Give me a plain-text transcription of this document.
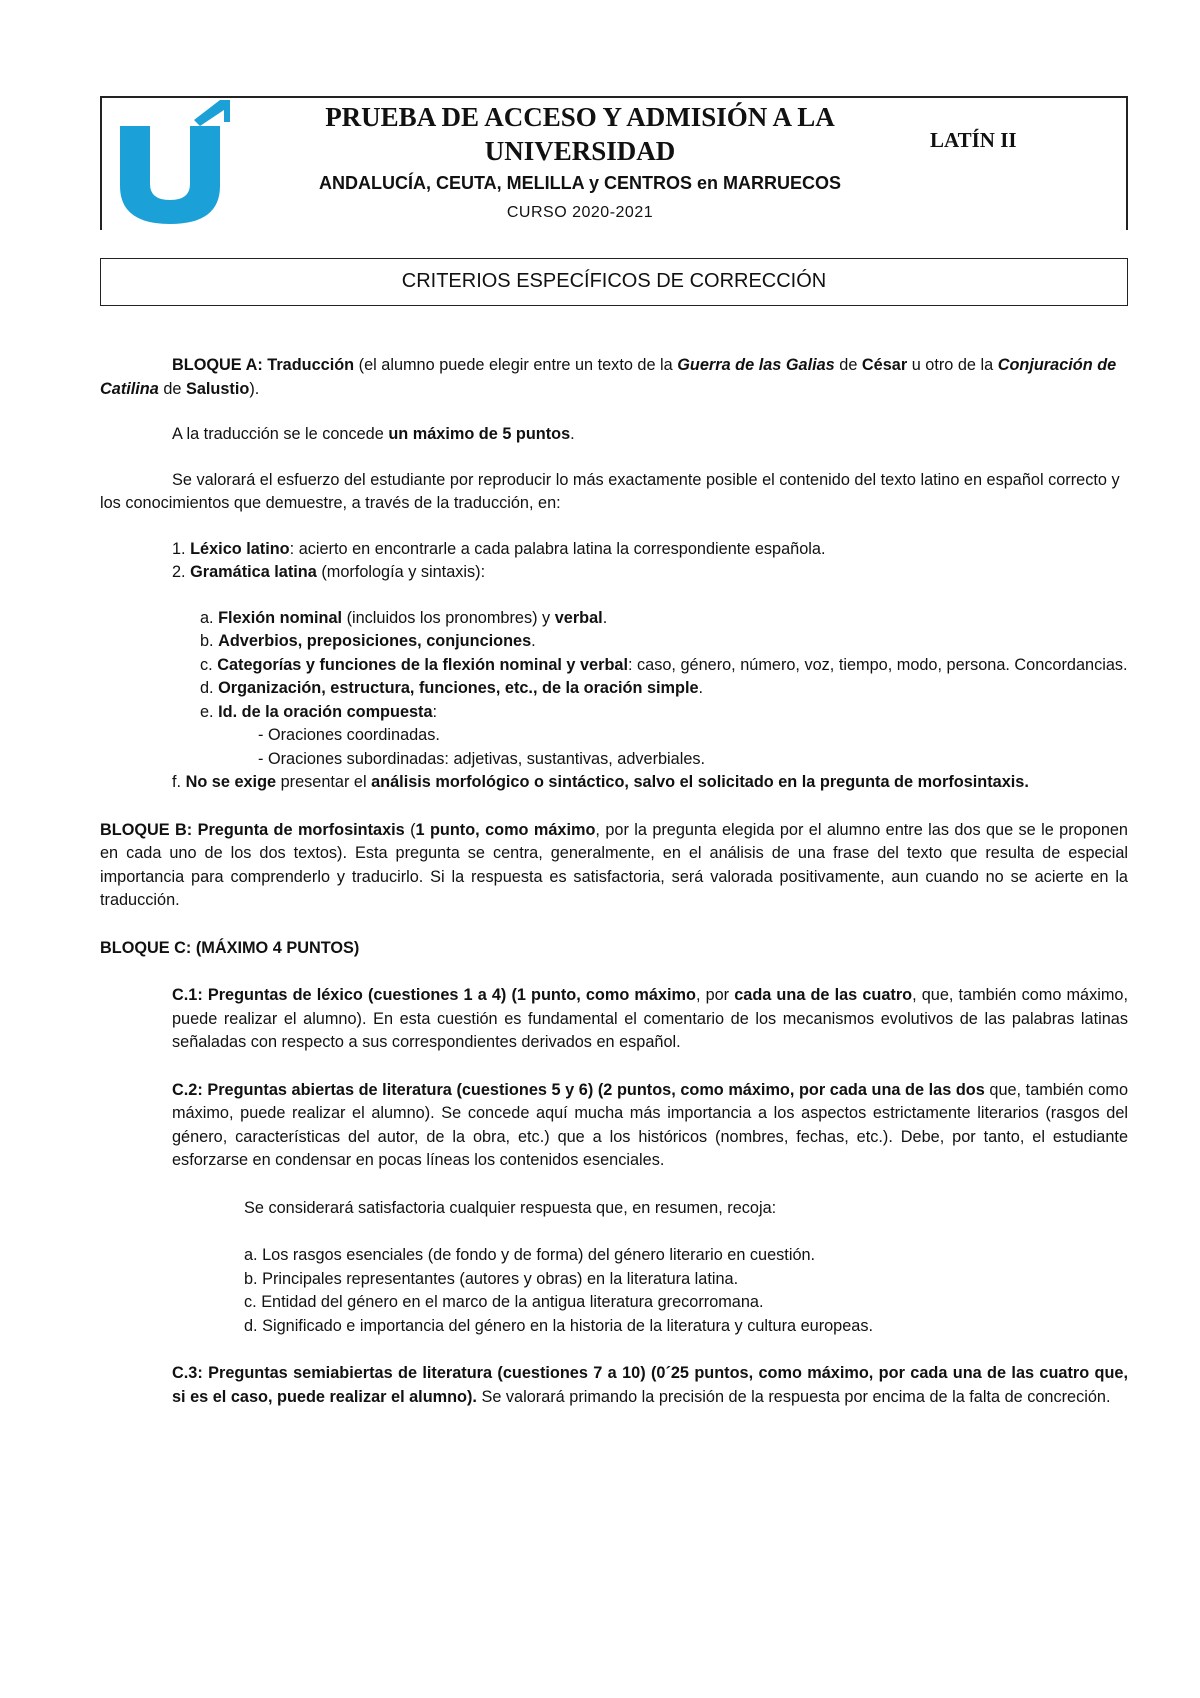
PRUEBA DE ACCESO Y ADMISIÓN A LA
UNIVERSIDAD
ANDALUCÍA, CEUTA, MELILLA y CENTROS en MARRUECOS
CURSO 2020-2021
LATÍN II
CRITERIOS ESPECÍFICOS DE CORRECCIÓN

BLOQUE A: Traducción (el alumno puede elegir entre un texto de la Guerra de las Galias de César u otro de la Conjuración de Catilina de Salustio).

A la traducción se le concede un máximo de 5 puntos.

Se valorará el esfuerzo del estudiante por reproducir lo más exactamente posible el contenido del texto latino en español correcto y los conocimientos que demuestre, a través de la traducción, en:

1. Léxico latino: acierto en encontrarle a cada palabra latina la correspondiente española.

2. Gramática latina (morfología y sintaxis):

a. Flexión nominal (incluidos los pronombres) y verbal.

b. Adverbios, preposiciones, conjunciones.

c. Categorías y funciones de la flexión nominal y verbal: caso, género, número, voz, tiempo, modo, persona. Concordancias.

d. Organización, estructura, funciones, etc., de la oración simple.

e. Id. de la oración compuesta:

- Oraciones coordinadas.

- Oraciones subordinadas: adjetivas, sustantivas, adverbiales.

f. No se exige presentar el análisis morfológico o sintáctico, salvo el solicitado en la pregunta de morfosintaxis.

BLOQUE B: Pregunta de morfosintaxis (1 punto, como máximo, por la pregunta elegida por el alumno entre las dos que se le proponen en cada uno de los dos textos). Esta pregunta se centra, generalmente, en el análisis de una frase del texto que resulta de especial importancia para comprenderlo y traducirlo. Si la respuesta es satisfactoria, será valorada positivamente, aun cuando no se acierte en la traducción.

BLOQUE C: (MÁXIMO 4 PUNTOS)

C.1: Preguntas de léxico (cuestiones 1 a 4) (1 punto, como máximo, por cada una de las cuatro, que, también como máximo, puede realizar el alumno). En esta cuestión es fundamental el comentario de los mecanismos evolutivos de las palabras latinas señaladas con respecto a sus correspondientes derivados en español.

C.2: Preguntas abiertas de literatura (cuestiones 5 y 6) (2 puntos, como máximo, por cada una de las dos que, también como máximo, puede realizar el alumno). Se concede aquí mucha más importancia a los aspectos estrictamente literarios (rasgos del género, características del autor, de la obra, etc.) que a los históricos (nombres, fechas, etc.). Debe, por tanto, el estudiante esforzarse en condensar en pocas líneas los contenidos esenciales.

Se considerará satisfactoria cualquier respuesta que, en resumen, recoja:

a. Los rasgos esenciales (de fondo y de forma) del género literario en cuestión.

b. Principales representantes (autores y obras) en la literatura latina.

c. Entidad del género en el marco de la antigua literatura grecorromana.

d. Significado e importancia del género en la historia de la literatura y cultura europeas.

C.3: Preguntas semiabiertas de literatura (cuestiones 7 a 10) (0´25 puntos, como máximo, por cada una de las cuatro que, si es el caso, puede realizar el alumno). Se valorará primando la precisión de la respuesta por encima de la falta de concreción.
